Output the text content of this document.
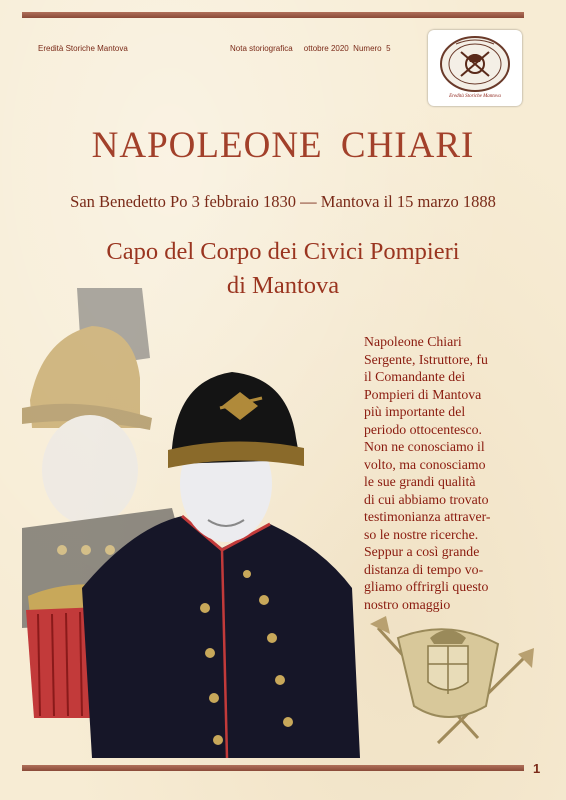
Eredità Storiche Mantova	Nota storiografica     ottobre 2020  Numero  5
Eredità Storiche Mantova
NAPOLEONE CHIARI
San Benedetto Po 3 febbraio 1830 — Mantova il 15 marzo 1888
Capo del Corpo dei Civici Pompieri
di Mantova

Napoleone Chiari
Sergente, Istruttore, fu
il Comandante dei
Pompieri di Mantova
più importante del
periodo ottocentesco.
Non ne conosciamo il
volto, ma conosciamo
le sue grandi qualità
di cui abbiamo trovato
testimonianza attraver-
so le nostre ricerche.
Seppur a così grande
distanza di tempo vo-
gliamo offrirgli questo
nostro omaggio

1
